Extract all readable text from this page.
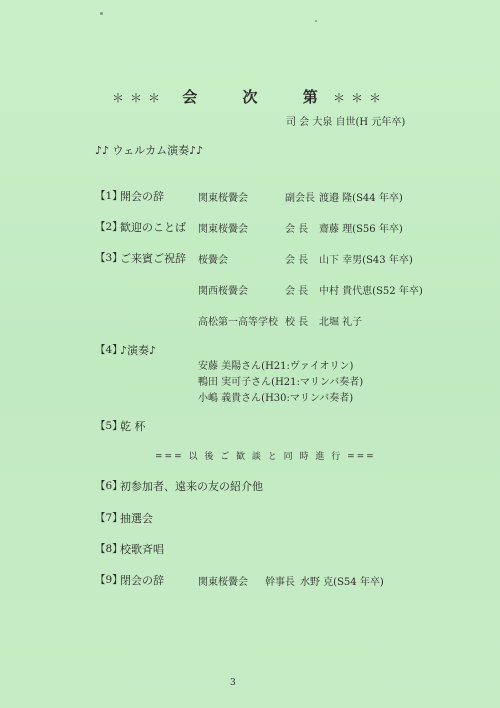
＊＊＊ 会	次	第 ＊＊＊
司 会 大泉 自世(H 元年卒)
♪♪ ウェルカム演奏♪♪
【1】
開会の辞	関東桜黌会	副会長 渡邉 隆(S44 年卒)
【2】
歓迎のことば 関東桜黌会	会 長 齋藤 理(S56 年卒)
【3】
ご来賓ご祝辞 桜黌会	会 長 山下 幸男(S43 年卒)
関西桜黌会	会 長 中村 貴代恵(S52 年卒)
高松第一高等学校 校 長 北堀 礼子
【4】
♪演奏♪
安藤 美陽さん(H21:ヴァイオリン)
鴨田 実可子さん(H21:マリンバ奏者)
小嶋 義貴さん(H30:マリンバ奏者)
【5】
乾 杯
=== 以 後 ご 歓 談 と 同 時 進 行 ===
【6】
初参加者、遠来の友の紹介他
【7】
抽選会
【8】
校歌斉唱
【9】
閉会の辞	関東桜黌会 幹事長 水野 克(S54 年卒)
3
